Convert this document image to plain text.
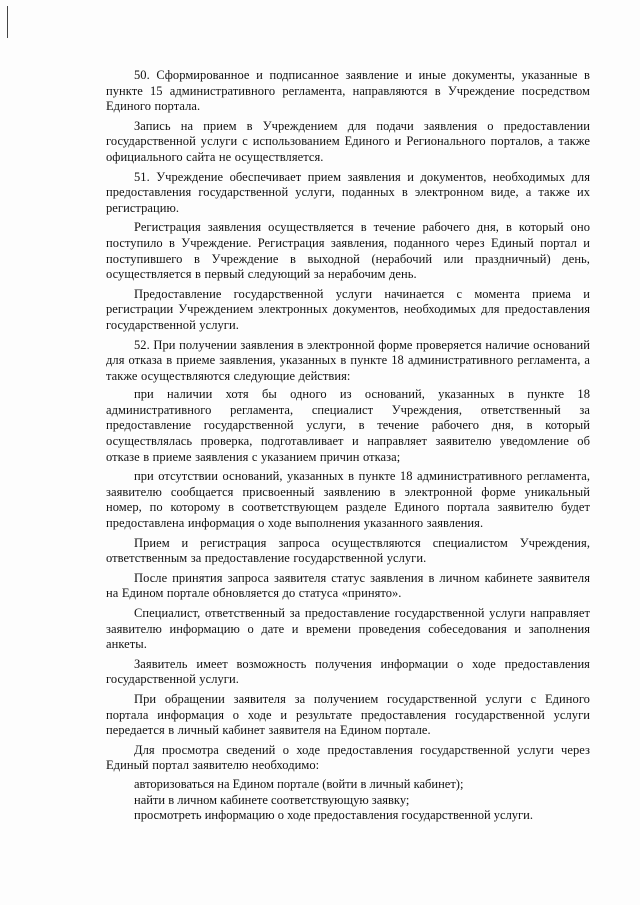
50. Сформированное и подписанное заявление и иные документы, указанные в пункте 15 административного регламента, направляются в Учреждение посредством Единого портала.

Запись на прием в Учреждением для подачи заявления о предоставлении государственной услуги с использованием Единого и Регионального порталов, а также официального сайта не осуществляется.

51. Учреждение обеспечивает прием заявления и документов, необходимых для предоставления государственной услуги, поданных в электронном виде, а также их регистрацию.

Регистрация заявления осуществляется в течение рабочего дня, в который оно поступило в Учреждение. Регистрация заявления, поданного через Единый портал и поступившего в Учреждение в выходной (нерабочий или праздничный) день, осуществляется в первый следующий за нерабочим день.

Предоставление государственной услуги начинается с момента приема и регистрации Учреждением электронных документов, необходимых для предоставления государственной услуги.

52. При получении заявления в электронной форме проверяется наличие оснований для отказа в приеме заявления, указанных в пункте 18 административного регламента, а также осуществляются следующие действия:

при наличии хотя бы одного из оснований, указанных в пункте 18 административного регламента, специалист Учреждения, ответственный за предоставление государственной услуги, в течение рабочего дня, в который осуществлялась проверка, подготавливает и направляет заявителю уведомление об отказе в приеме заявления с указанием причин отказа;

при отсутствии оснований, указанных в пункте 18 административного регламента, заявителю сообщается присвоенный заявлению в электронной форме уникальный номер, по которому в соответствующем разделе Единого портала заявителю будет предоставлена информация о ходе выполнения указанного заявления.

Прием и регистрация запроса осуществляются специалистом Учреждения, ответственным за предоставление государственной услуги.

После принятия запроса заявителя статус заявления в личном кабинете заявителя на Едином портале обновляется до статуса «принято».

Специалист, ответственный за предоставление государственной услуги направляет заявителю информацию о дате и времени проведения собеседования и заполнения анкеты.

Заявитель имеет возможность получения информации о ходе предоставления государственной услуги.

При обращении заявителя за получением государственной услуги с Единого портала информация о ходе и результате предоставления государственной услуги передается в личный кабинет заявителя на Едином портале.

Для просмотра сведений о ходе предоставления государственной услуги через Единый портал заявителю необходимо:

авторизоваться на Едином портале (войти в личный кабинет);

найти в личном кабинете соответствующую заявку;

просмотреть информацию о ходе предоставления государственной услуги.
